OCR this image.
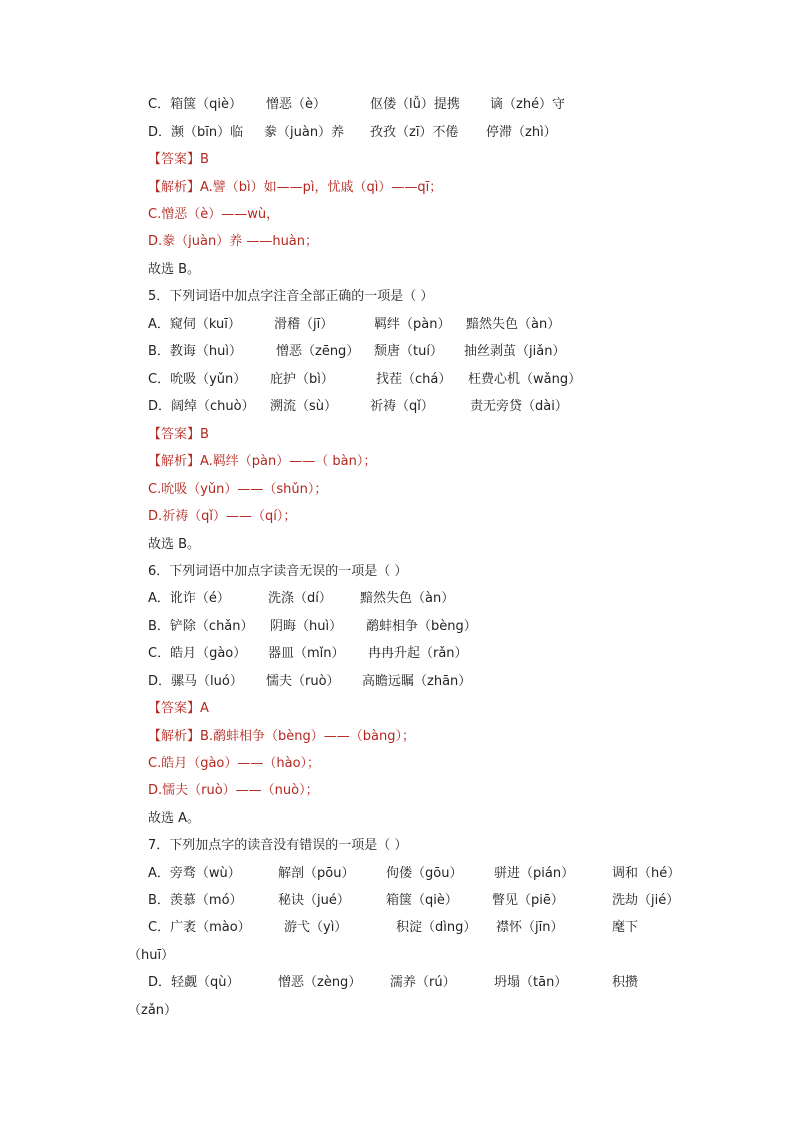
C．箱箧（qiè） 憎恶（è）	伛偻（lǚ）提携 谪（zhé）守
D．濒（bīn）临 豢（juàn）养 孜孜（zī）不倦 停滞（zhì）
【答案】B
【解析】A.譬（bì）如——pì，忧戚（qì）——qī；
C.憎恶（è）——wù，
D.豢（juàn）养 ——huàn；
故选 B。
5．下列词语中加点字注音全部正确的一项是（ ）
A．窥伺（kuī）	滑稽（jī）	羁绊（pàn） 黯然失色（àn）
B．教诲（huì）	憎恶（zēng） 颓唐（tuí） 抽丝剥茧（jiǎn）
C．吮吸（yǔn） 庇护（bì）	找茬（chá） 枉费心机（wǎng）
D．阔绰（chuò） 溯流（sù）	祈祷（qǐ）	责无旁贷（dài）
【答案】B
【解析】A.羁绊（pàn）——（ bàn）；
C.吮吸（yǔn）——（shǔn）；
D.祈祷（qǐ）——（qí）；
故选 B。
6．下列词语中加点字读音无误的一项是（ ）
A．讹诈（é）	洗涤（dí） 黯然失色（àn）
B．铲除（chǎn） 阴晦（huì） 鹬蚌相争（bèng）
C．皓月（gào） 器皿（mǐn） 冉冉升起（rǎn）
D．骡马（luó） 懦夫（ruò） 高瞻远瞩（zhān）
【答案】A
【解析】B.鹬蚌相争（bèng）——（bàng）；
C.皓月（gào）——（hào）；
D.懦夫（ruò）——（nuò）；
故选 A。
7．下列加点字的读音没有错误的一项是（ ）
A．旁骛（wù）	解剖（pōu） 佝偻（gōu） 骈进（pián）	调和（hé）
B．羡慕（mó）	秘诀（jué）	箱箧（qiè）	瞥见（piē）	洗劫（jié）
C．广袤（mào）	游弋（yì）	积淀（dìng） 襟怀（jīn）	麾下
（huī）
D．轻觑（qù）	憎恶（zèng） 濡养（rú）	坍塌（tān）	积攒
（zǎn）
